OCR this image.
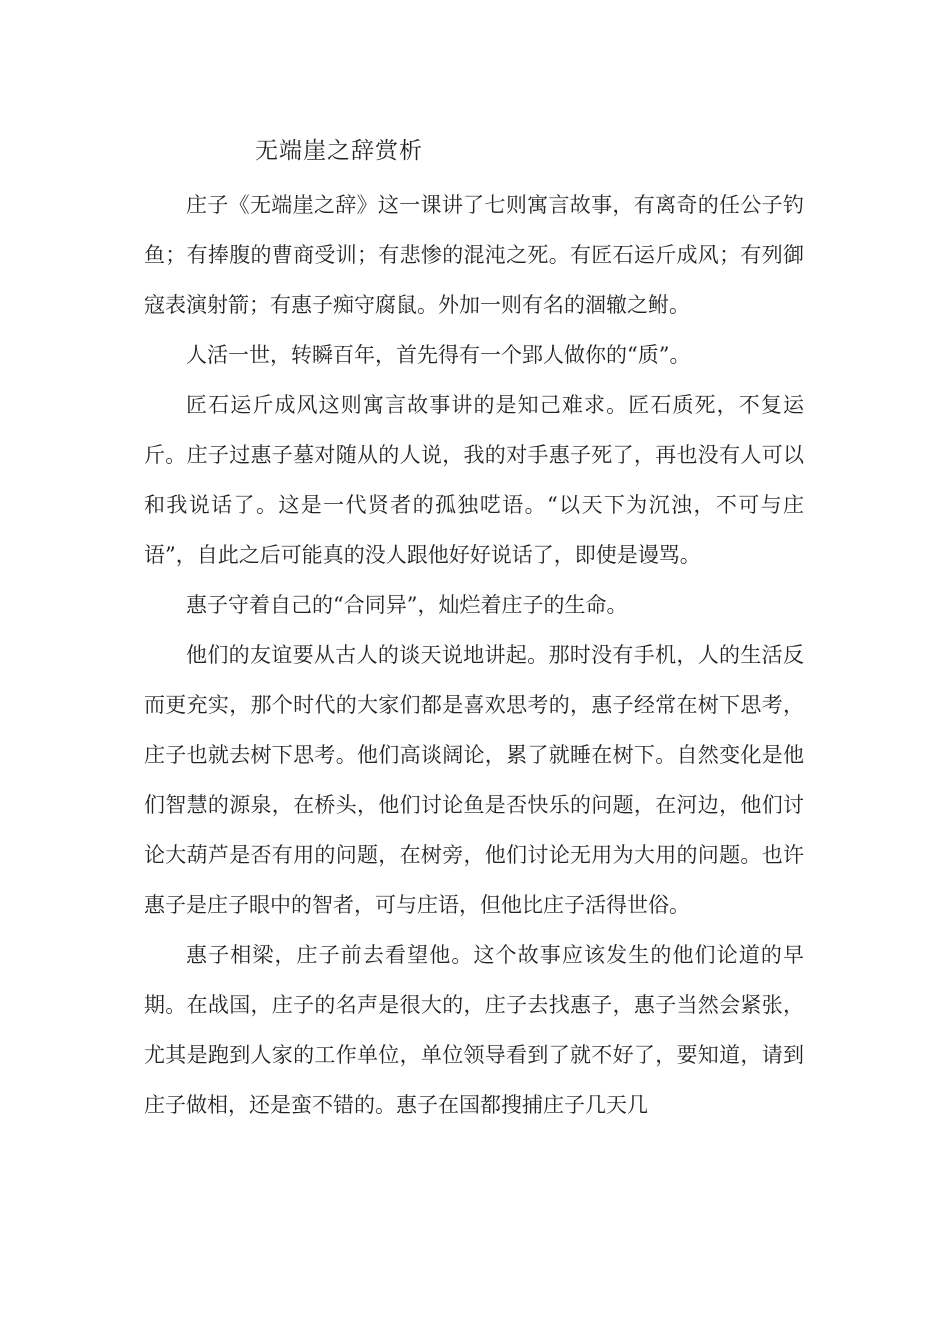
无端崖之辞赏析

庄子《无端崖之辞》这一课讲了七则寓言故事，有离奇的任公子钓鱼；有捧腹的曹商受训；有悲惨的混沌之死。有匠石运斤成风；有列御寇表演射箭；有惠子痴守腐鼠。外加一则有名的涸辙之鲋。

人活一世，转瞬百年，首先得有一个郢人做你的“质”。

匠石运斤成风这则寓言故事讲的是知己难求。匠石质死，不复运斤。庄子过惠子墓对随从的人说，我的对手惠子死了，再也没有人可以和我说话了。这是一代贤者的孤独呓语。“以天下为沉浊，不可与庄语”，自此之后可能真的没人跟他好好说话了，即使是谩骂。

惠子守着自己的“合同异”，灿烂着庄子的生命。

他们的友谊要从古人的谈天说地讲起。那时没有手机，人的生活反而更充实，那个时代的大家们都是喜欢思考的，惠子经常在树下思考，庄子也就去树下思考。他们高谈阔论，累了就睡在树下。自然变化是他们智慧的源泉，在桥头，他们讨论鱼是否快乐的问题，在河边，他们讨论大葫芦是否有用的问题，在树旁，他们讨论无用为大用的问题。也许惠子是庄子眼中的智者，可与庄语，但他比庄子活得世俗。

惠子相梁，庄子前去看望他。这个故事应该发生的他们论道的早期。在战国，庄子的名声是很大的，庄子去找惠子，惠子当然会紧张，尤其是跑到人家的工作单位，单位领导看到了就不好了，要知道，请到庄子做相，还是蛮不错的。惠子在国都搜捕庄子几天几
